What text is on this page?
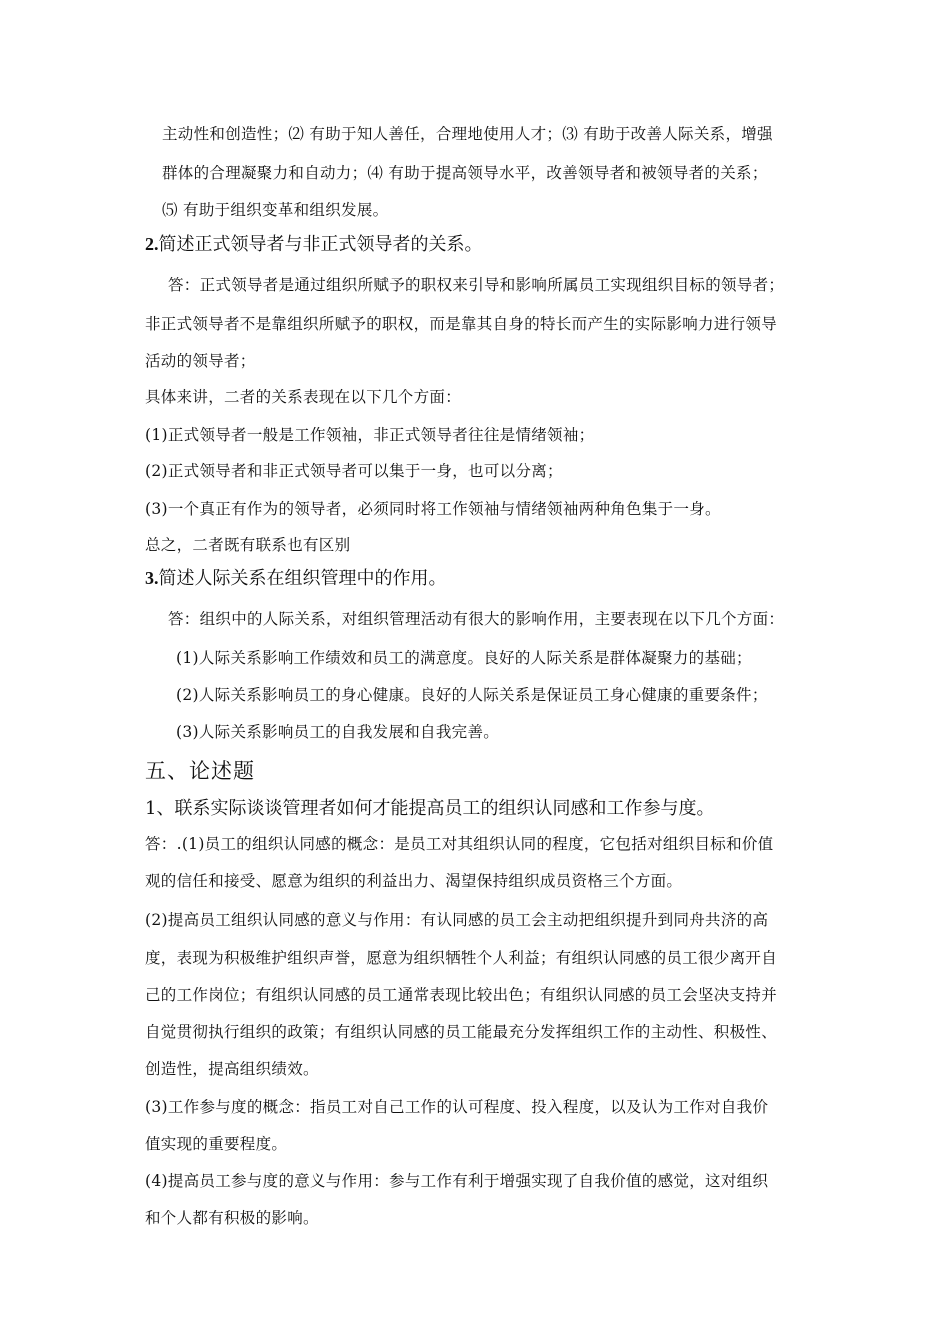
主动性和创造性；⑵ 有助于知人善任，合理地使用人才；⑶ 有助于改善人际关系，增强
群体的合理凝聚力和自动力；⑷ 有助于提高领导水平，改善领导者和被领导者的关系；
⑸ 有助于组织变革和组织发展。
2.简述正式领导者与非正式领导者的关系。
答：正式领导者是通过组织所赋予的职权来引导和影响所属员工实现组织目标的领导者；
非正式领导者不是靠组织所赋予的职权，而是靠其自身的特长而产生的实际影响力进行领导
活动的领导者；
具体来讲，二者的关系表现在以下几个方面：
(1)正式领导者一般是工作领袖，非正式领导者往往是情绪领袖；
(2)正式领导者和非正式领导者可以集于一身，也可以分离；
(3)一个真正有作为的领导者，必须同时将工作领袖与情绪领袖两种角色集于一身。
总之，二者既有联系也有区别
3.简述人际关系在组织管理中的作用。
答：组织中的人际关系，对组织管理活动有很大的影响作用，主要表现在以下几个方面：
(1)人际关系影响工作绩效和员工的满意度。良好的人际关系是群体凝聚力的基础；
(2)人际关系影响员工的身心健康。良好的人际关系是保证员工身心健康的重要条件；
(3)人际关系影响员工的自我发展和自我完善。
五、论述题
1、联系实际谈谈管理者如何才能提高员工的组织认同感和工作参与度。
答：.(1)员工的组织认同感的概念：是员工对其组织认同的程度，它包括对组织目标和价值
观的信任和接受、愿意为组织的利益出力、渴望保持组织成员资格三个方面。
(2)提高员工组织认同感的意义与作用：有认同感的员工会主动把组织提升到同舟共济的高
度，表现为积极维护组织声誉，愿意为组织牺牲个人利益；有组织认同感的员工很少离开自
己的工作岗位；有组织认同感的员工通常表现比较出色；有组织认同感的员工会坚决支持并
自觉贯彻执行组织的政策；有组织认同感的员工能最充分发挥组织工作的主动性、积极性、
创造性，提高组织绩效。
(3)工作参与度的概念：指员工对自己工作的认可程度、投入程度，以及认为工作对自我价
值实现的重要程度。
(4)提高员工参与度的意义与作用：参与工作有利于增强实现了自我价值的感觉，这对组织
和个人都有积极的影响。
